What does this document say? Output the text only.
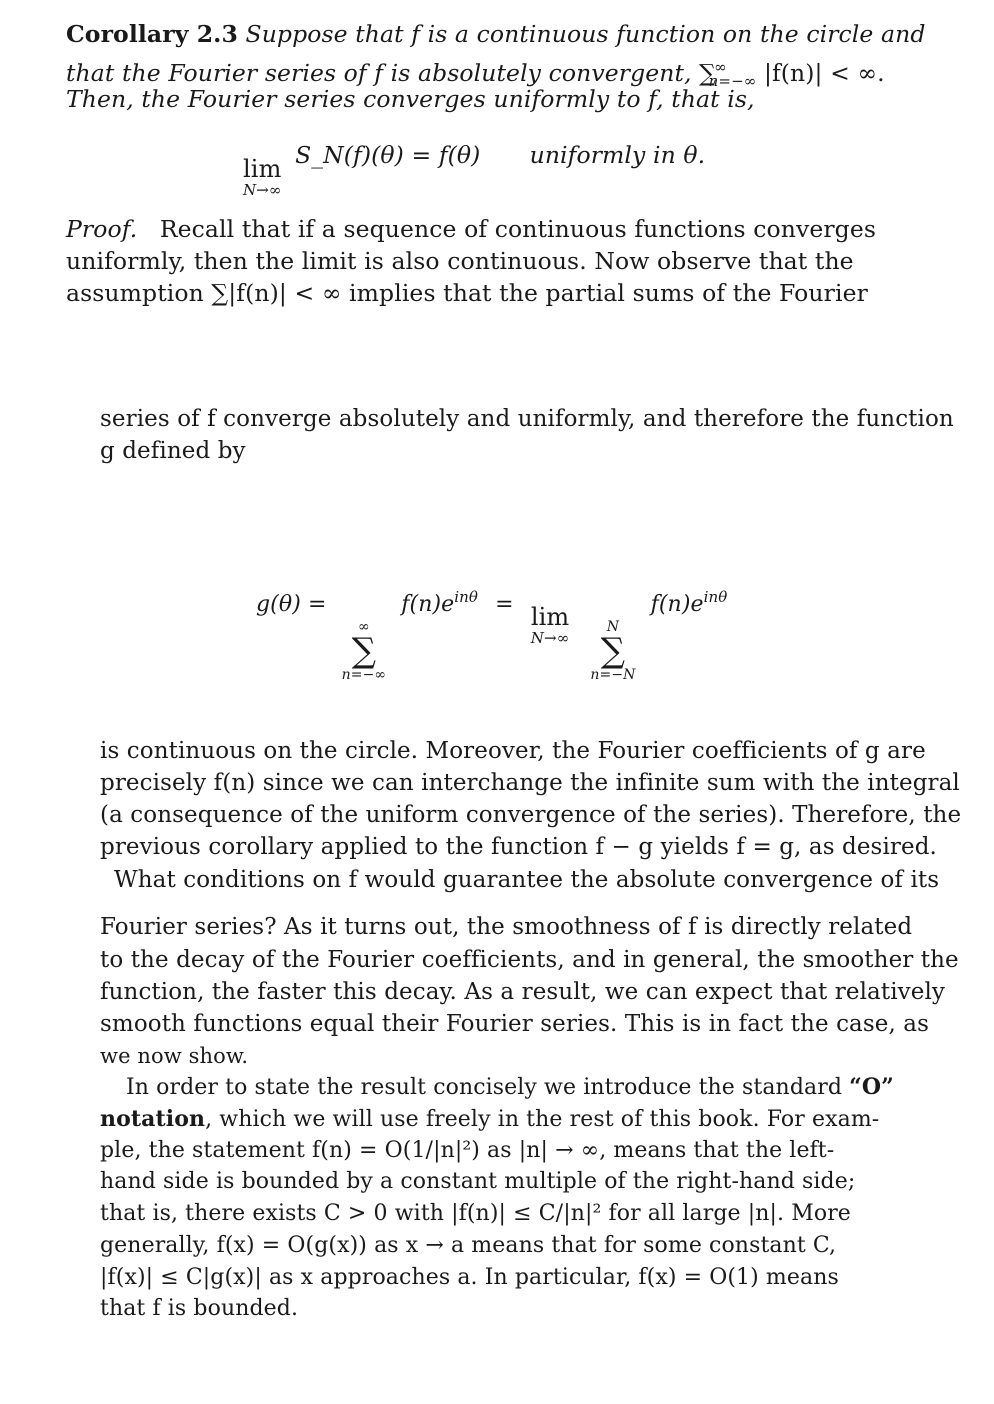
Corollary 2.3 Suppose that f is a continuous function on the circle and
that the Fourier series of f is absolutely convergent, $\sum^\infty_{n=-\infty}$ |f(n)| < ∞.
Then, the Fourier series converges uniformly to f, that is,
lim
N→∞
S_N(f)(θ) = f(θ) uniformly in θ.
Proof. Recall that if a sequence of continuous functions converges
uniformly, then the limit is also continuous. Now observe that the
assumption ∑|f(n)| < ∞ implies that the partial sums of the Fourier
series of f converge absolutely and uniformly, and therefore the function
g defined by
g(θ) =
∞
∑
n=−∞
$f(n)e^{in\theta} = \lim$
N→∞

N
∑
n=−N
$f(n)e^{in\theta}$
is continuous on the circle. Moreover, the Fourier coefficients of g are
precisely f(n) since we can interchange the infinite sum with the integral
(a consequence of the uniform convergence of the series). Therefore, the
previous corollary applied to the function f − g yields f = g, as desired.
What conditions on f would guarantee the absolute convergence of its
Fourier series? As it turns out, the smoothness of f is directly related
to the decay of the Fourier coefficients, and in general, the smoother the
function, the faster this decay. As a result, we can expect that relatively
smooth functions equal their Fourier series. This is in fact the case, as
we now show.
In order to state the result concisely we introduce the standard “O”
notation, which we will use freely in the rest of this book. For exam-
ple, the statement f(n) = O(1/|n|²) as |n| → ∞, means that the left-
hand side is bounded by a constant multiple of the right-hand side;
that is, there exists C > 0 with |f(n)| ≤ C/|n|² for all large |n|. More
generally, f(x) = O(g(x)) as x → a means that for some constant C,
|f(x)| ≤ C|g(x)| as x approaches a. In particular, f(x) = O(1) means
that f is bounded.
